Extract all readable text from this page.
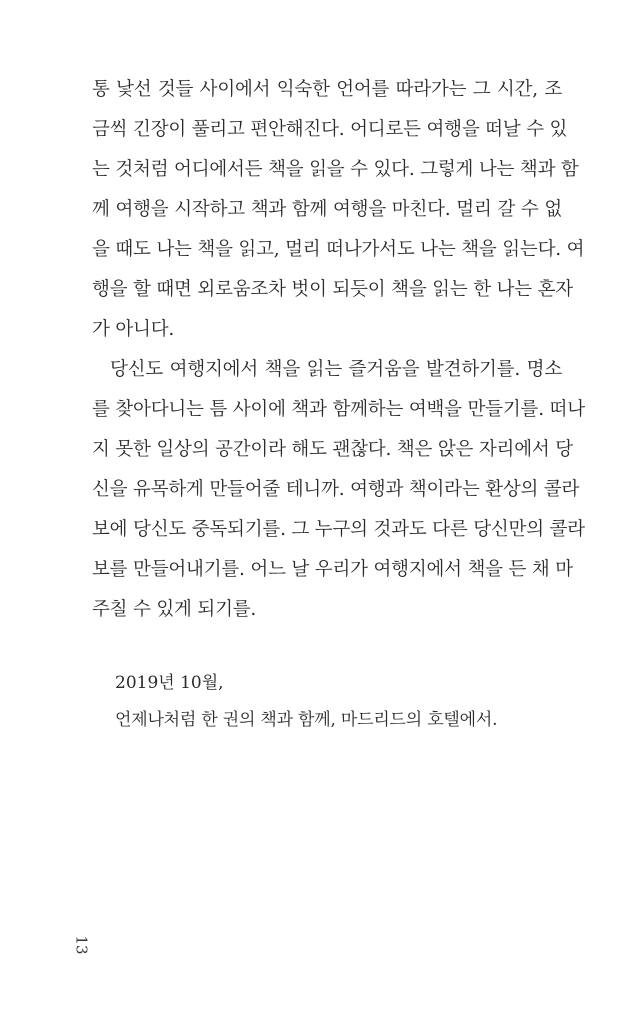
통 낯선 것들 사이에서 익숙한 언어를 따라가는 그 시간, 조
금씩 긴장이 풀리고 편안해진다. 어디로든 여행을 떠날 수 있
는 것처럼 어디에서든 책을 읽을 수 있다. 그렇게 나는 책과 함
께 여행을 시작하고 책과 함께 여행을 마친다. 멀리 갈 수 없
을 때도 나는 책을 읽고, 멀리 떠나가서도 나는 책을 읽는다. 여
행을 할 때면 외로움조차 벗이 되듯이 책을 읽는 한 나는 혼자
가 아니다.
당신도 여행지에서 책을 읽는 즐거움을 발견하기를. 명소
를 찾아다니는 틈 사이에 책과 함께하는 여백을 만들기를. 떠나
지 못한 일상의 공간이라 해도 괜찮다. 책은 앉은 자리에서 당
신을 유목하게 만들어줄 테니까. 여행과 책이라는 환상의 콜라
보에 당신도 중독되기를. 그 누구의 것과도 다른 당신만의 콜라
보를 만들어내기를. 어느 날 우리가 여행지에서 책을 든 채 마
주칠 수 있게 되기를.
2019년 10월,
언제나처럼 한 권의 책과 함께, 마드리드의 호텔에서.
13
